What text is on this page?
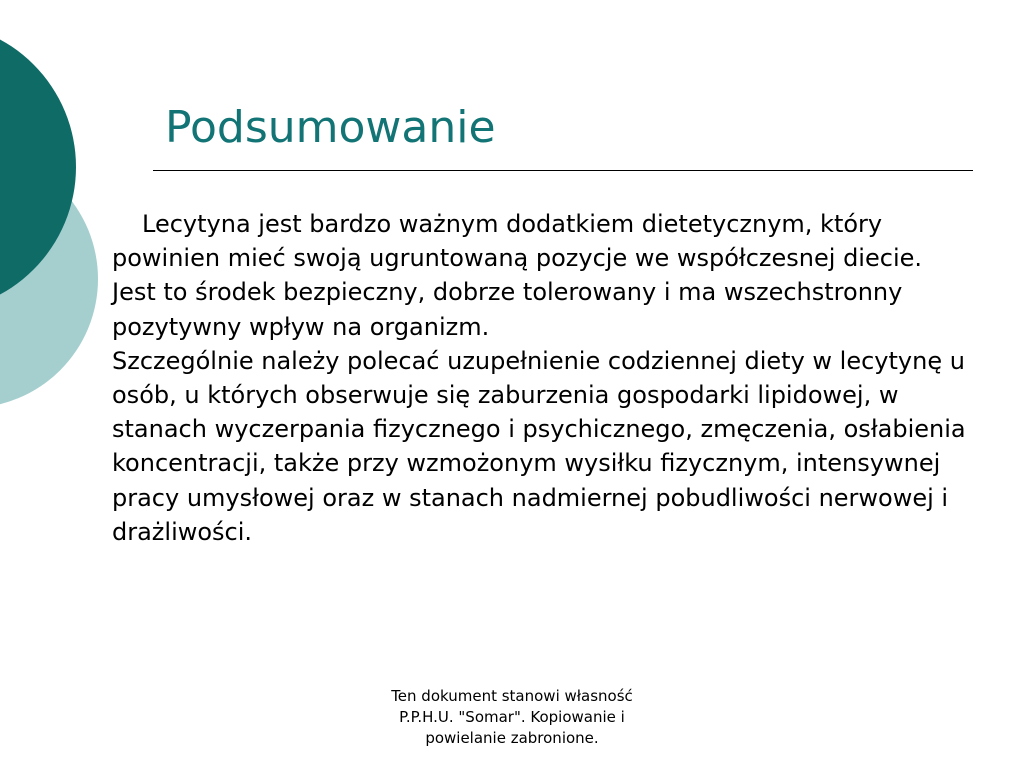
Podsumowanie

Lecytyna jest bardzo ważnym dodatkiem dietetycznym, który powinien mieć swoją ugruntowaną pozycje we współczesnej diecie. Jest to środek bezpieczny, dobrze tolerowany i ma wszechstronny pozytywny wpływ na organizm.

Szczególnie należy polecać uzupełnienie codziennej diety w lecytynę u osób, u których obserwuje się zaburzenia gospodarki lipidowej, w stanach wyczerpania fizycznego i psychicznego, zmęczenia, osłabienia koncentracji, także przy wzmożonym wysiłku fizycznym, intensywnej pracy umysłowej oraz w stanach nadmiernej pobudliwości nerwowej i drażliwości.

Ten dokument stanowi własność
P.P.H.U. "Somar". Kopiowanie i
powielanie zabronione.
